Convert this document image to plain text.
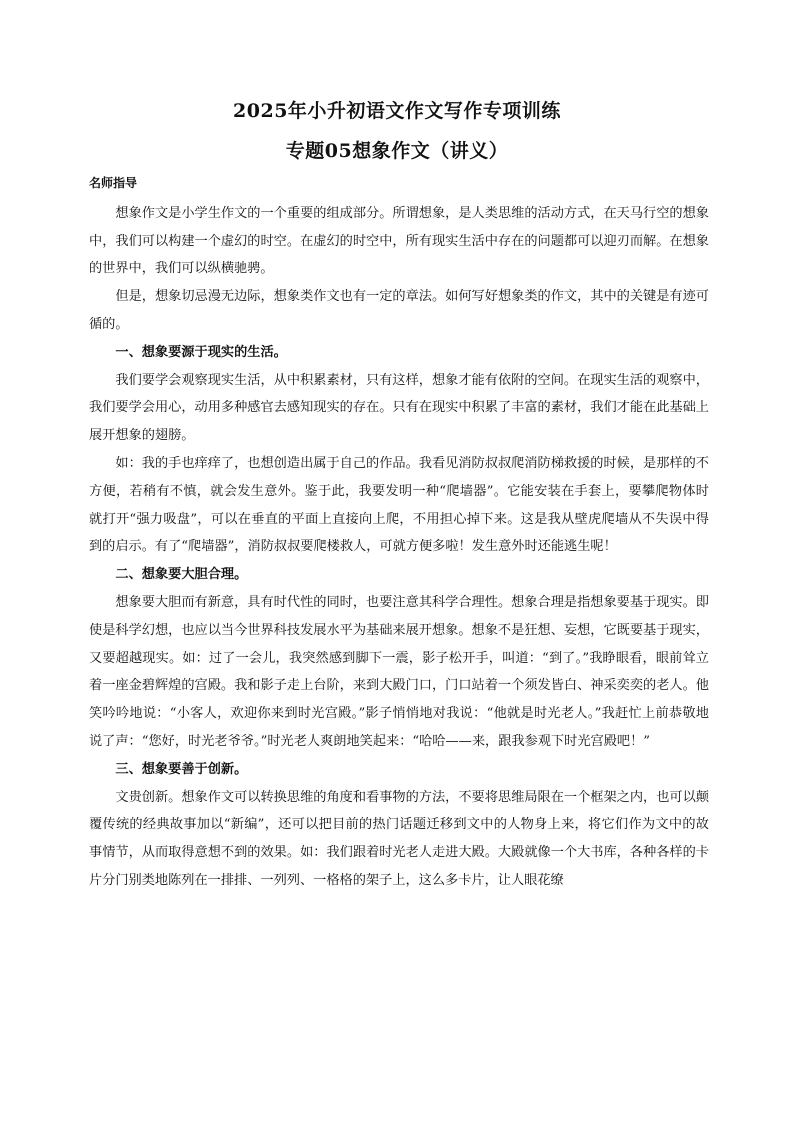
2025年小升初语文作文写作专项训练
专题05想象作文（讲义）
名师指导

想象作文是小学生作文的一个重要的组成部分。所谓想象，是人类思维的活动方式，在天马行空的想象中，我们可以构建一个虚幻的时空。在虚幻的时空中，所有现实生活中存在的问题都可以迎刃而解。在想象的世界中，我们可以纵横驰骋。

但是，想象切忌漫无边际，想象类作文也有一定的章法。如何写好想象类的作文，其中的关键是有迹可循的。

一、想象要源于现实的生活。

我们要学会观察现实生活，从中积累素材，只有这样，想象才能有依附的空间。在现实生活的观察中，我们要学会用心，动用多种感官去感知现实的存在。只有在现实中积累了丰富的素材，我们才能在此基础上展开想象的翅膀。

如：我的手也痒痒了，也想创造出属于自己的作品。我看见消防叔叔爬消防梯救援的时候，是那样的不方便，若稍有不慎，就会发生意外。鉴于此，我要发明一种“爬墙器”。它能安装在手套上，要攀爬物体时就打开“强力吸盘”，可以在垂直的平面上直接向上爬，不用担心掉下来。这是我从壁虎爬墙从不失误中得到的启示。有了“爬墙器”，消防叔叔要爬楼救人，可就方便多啦！发生意外时还能逃生呢！

二、想象要大胆合理。

想象要大胆而有新意，具有时代性的同时，也要注意其科学合理性。想象合理是指想象要基于现实。即使是科学幻想，也应以当今世界科技发展水平为基础来展开想象。想象不是狂想、妄想，它既要基于现实，又要超越现实。如：过了一会儿，我突然感到脚下一震，影子松开手，叫道：“到了。”我睁眼看，眼前耸立着一座金碧辉煌的宫殿。我和影子走上台阶，来到大殿门口，门口站着一个须发皆白、神采奕奕的老人。他笑吟吟地说：“小客人，欢迎你来到时光宫殿。”影子悄悄地对我说：“他就是时光老人。”我赶忙上前恭敬地说了声：“您好，时光老爷爷。”时光老人爽朗地笑起来：“哈哈——来，跟我参观下时光宫殿吧！”

三、想象要善于创新。

文贵创新。想象作文可以转换思维的角度和看事物的方法，不要将思维局限在一个框架之内，也可以颠覆传统的经典故事加以“新编”，还可以把目前的热门话题迁移到文中的人物身上来，将它们作为文中的故事情节，从而取得意想不到的效果。如：我们跟着时光老人走进大殿。大殿就像一个大书库，各种各样的卡片分门别类地陈列在一排排、一列列、一格格的架子上，这么多卡片，让人眼花缭
